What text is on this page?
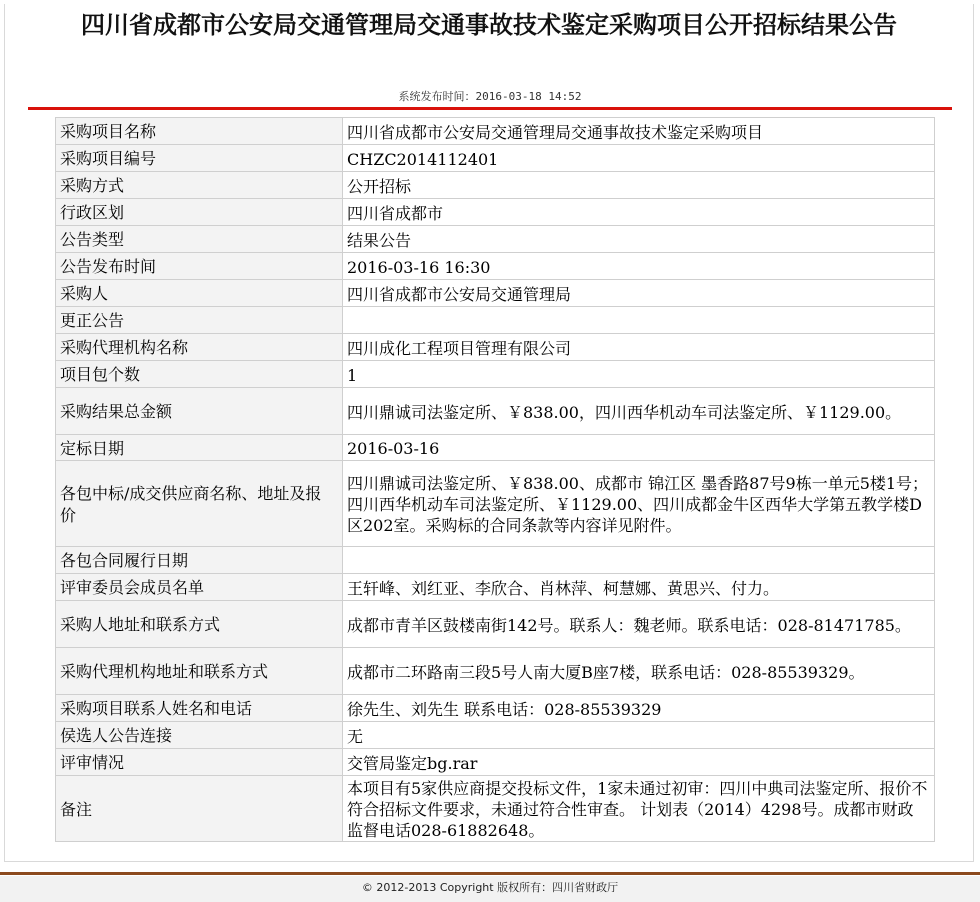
四川省成都市公安局交通管理局交通事故技术鉴定采购项目公开招标结果公告
系统发布时间：2016-03-18 14:52
采购项目名称	四川省成都市公安局交通管理局交通事故技术鉴定采购项目
采购项目编号	CHZC2014112401
采购方式	公开招标
行政区划	四川省成都市
公告类型	结果公告
公告发布时间	2016-03-16 16:30
采购人	四川省成都市公安局交通管理局
更正公告	
采购代理机构名称	四川成化工程项目管理有限公司
项目包个数	1
采购结果总金额	四川鼎诚司法鉴定所、￥838.00，四川西华机动车司法鉴定所、￥1129.00。
定标日期	2016-03-16
各包中标/成交供应商名称、地址及报价	四川鼎诚司法鉴定所、￥838.00、成都市 锦江区 墨香路87号9栋一单元5楼1号；四川西华机动车司法鉴定所、￥1129.00、四川成都金牛区西华大学第五教学楼D区202室。采购标的合同条款等内容详见附件。
各包合同履行日期	
评审委员会成员名单	王轩峰、刘红亚、李欣合、肖林萍、柯慧娜、黄思兴、付力。
采购人地址和联系方式	成都市青羊区鼓楼南街142号。联系人：魏老师。联系电话：028-81471785。
采购代理机构地址和联系方式	成都市二环路南三段5号人南大厦B座7楼，联系电话：028-85539329。
采购项目联系人姓名和电话	徐先生、刘先生 联系电话：028-85539329
侯选人公告连接	无
评审情况	交管局鉴定bg.rar
备注	本项目有5家供应商提交投标文件，1家未通过初审：四川中典司法鉴定所、报价不符合招标文件要求，未通过符合性审查。 计划表（2014）4298号。成都市财政监督电话028-61882648。
© 2012-2013 Copyright 版权所有：四川省财政厅
